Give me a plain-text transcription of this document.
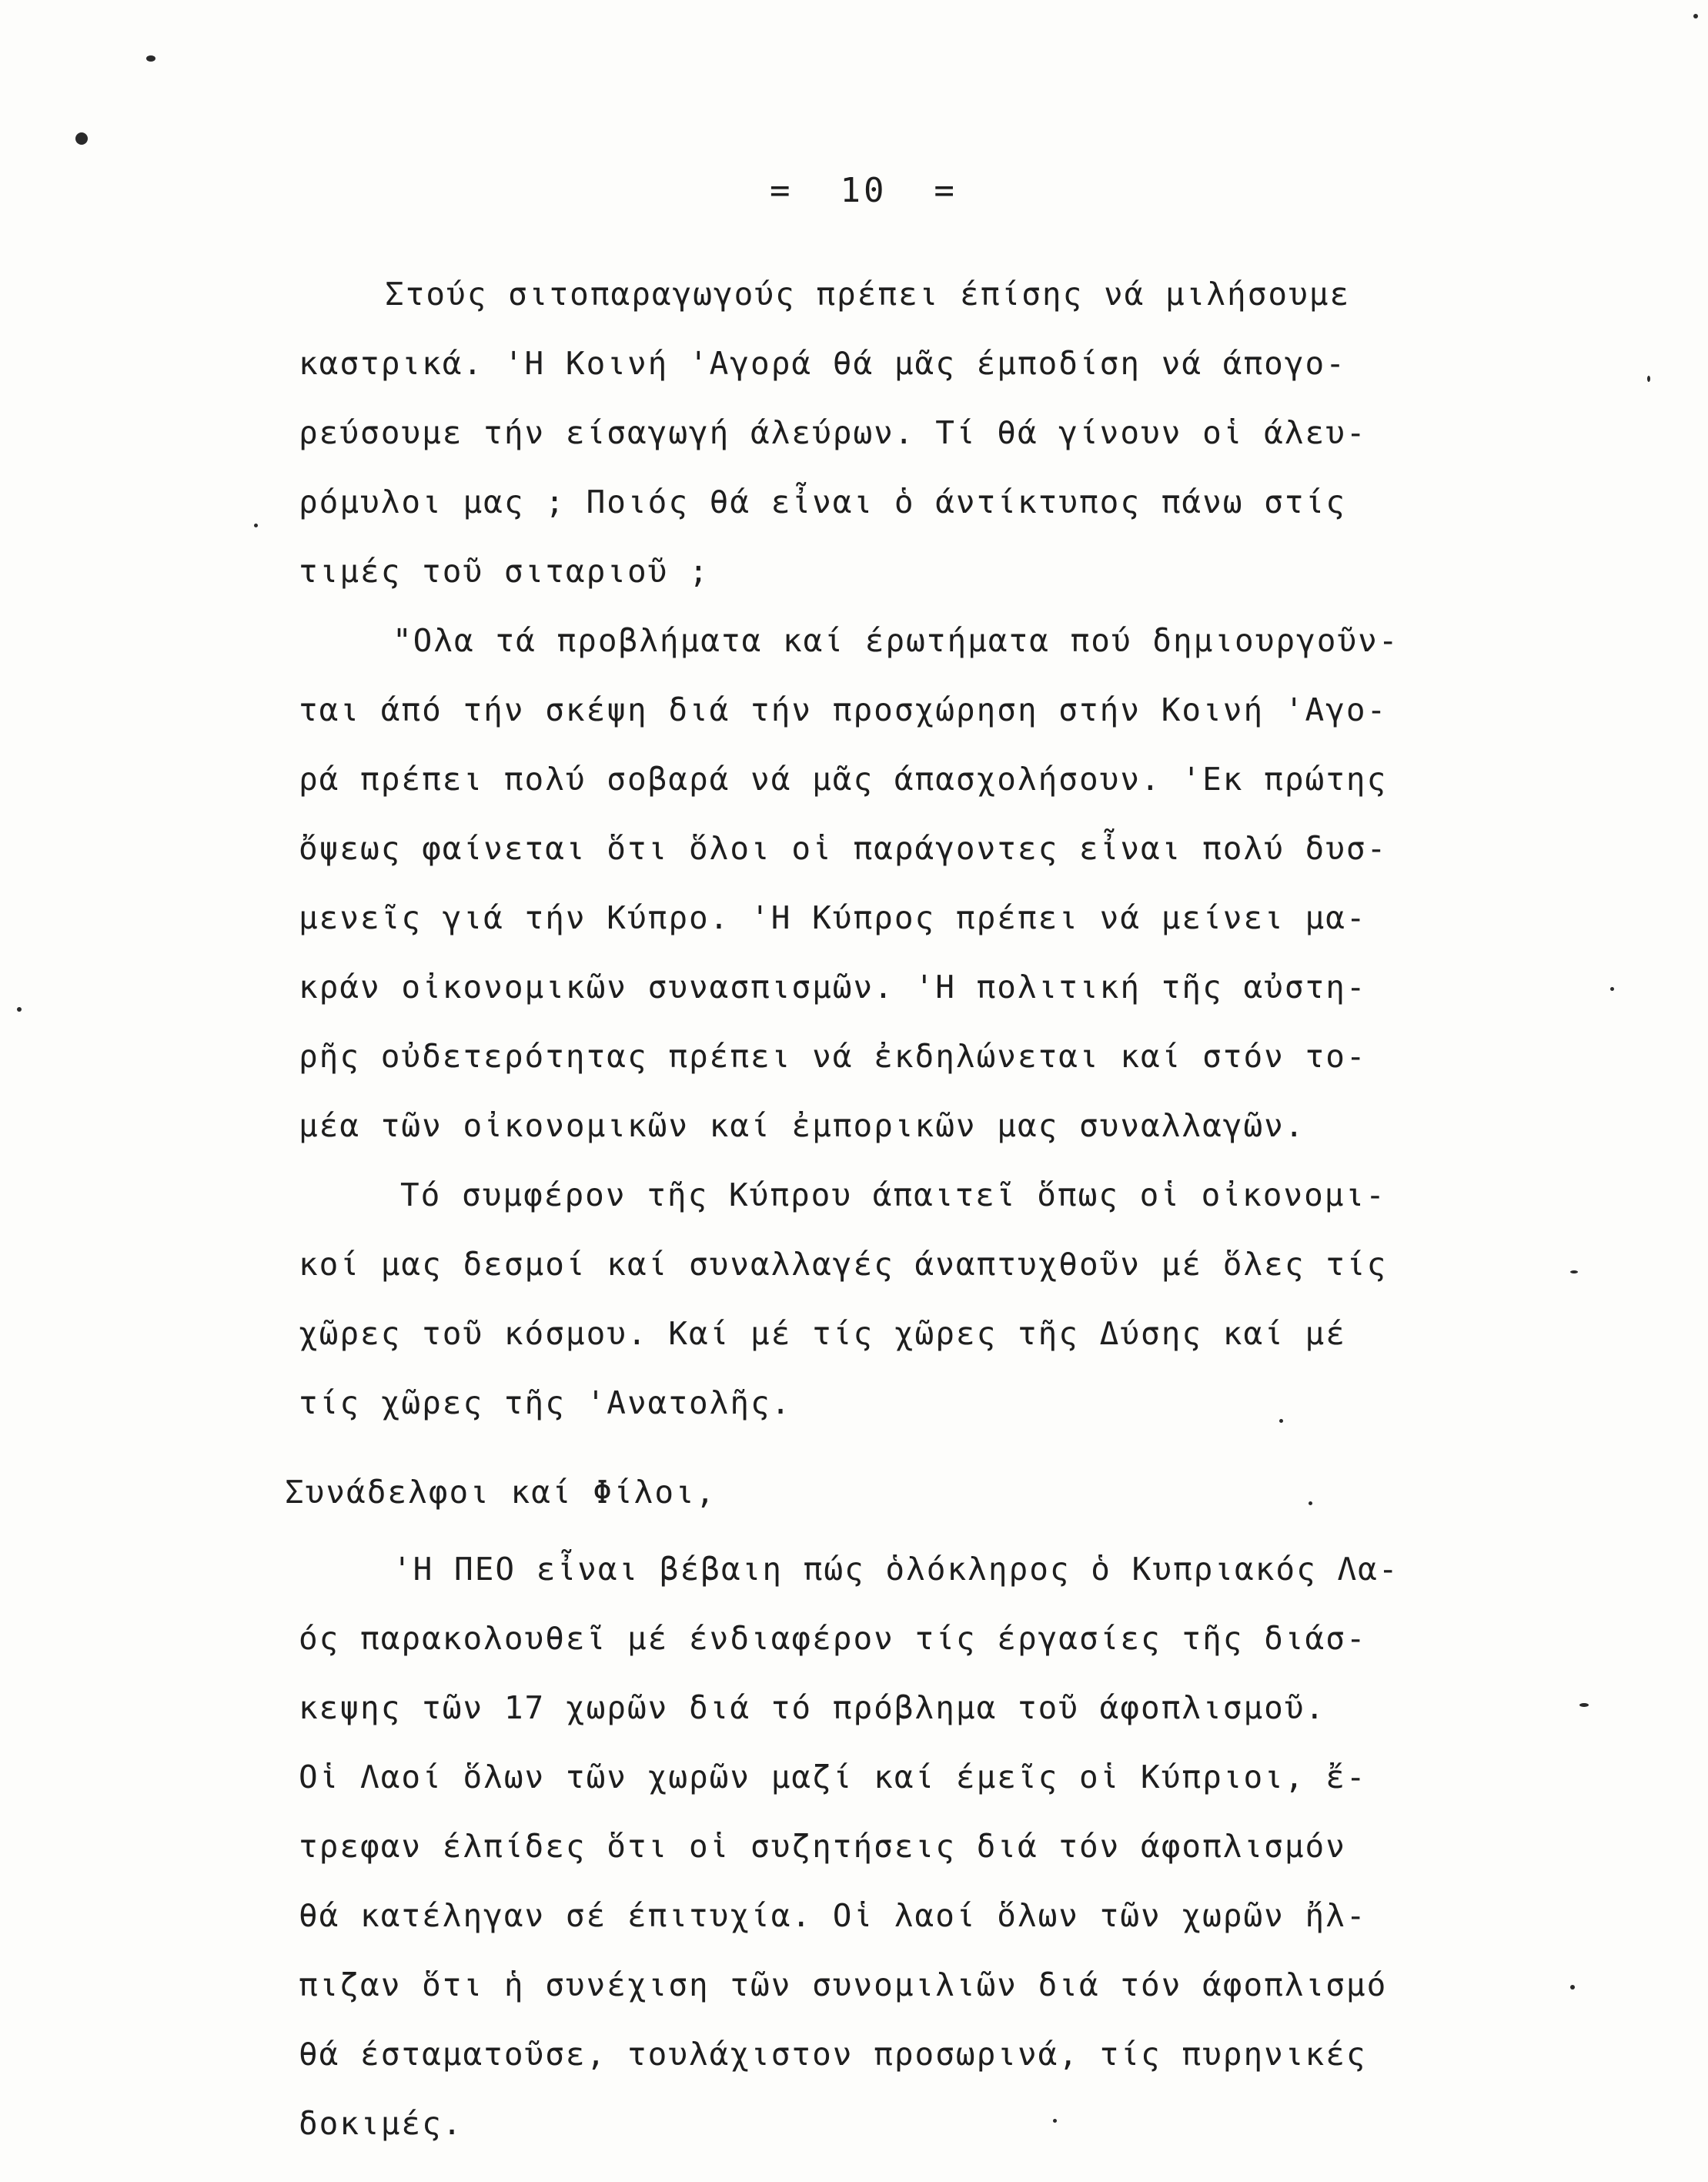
=  10  =
Στούς σιτοπαραγωγούς πρέπει έπίσης νά μιλήσουμε
καστρικά. 'Η Κοινή 'Αγορά θά μᾶς έμποδίση νά άπογο-
ρεύσουμε τήν είσαγωγή άλεύρων. Τί θά γίνουν οἱ άλευ-
ρόμυλοι μας ; Ποιός θά εἶναι ὁ άντίκτυπος πάνω στίς
τιμές τοῦ σιταριοῦ ;
"Ολα τά προβλήματα καί έρωτήματα πού δημιουργοῦν-
ται άπό τήν σκέψη διά τήν προσχώρηση στήν Κοινή 'Αγο-
ρά πρέπει πολύ σοβαρά νά μᾶς άπασχολήσουν. 'Εκ πρώτης
ὄψεως φαίνεται ὅτι ὅλοι οἱ παράγοντες εἶναι πολύ δυσ-
μενεῖς γιά τήν Κύπρο. 'Η Κύπρος πρέπει νά μείνει μα-
κράν οἰκονομικῶν συνασπισμῶν. 'Η πολιτική τῆς αὐστη-
ρῆς οὐδετερότητας πρέπει νά ἐκδηλώνεται καί στόν το-
μέα τῶν οἰκονομικῶν καί ἐμπορικῶν μας συναλλαγῶν.
Τό συμφέρον τῆς Κύπρου άπαιτεῖ ὅπως οἱ οἰκονομι-
κοί μας δεσμοί καί συναλλαγές άναπτυχθοῦν μέ ὅλες τίς
χῶρες τοῦ κόσμου. Καί μέ τίς χῶρες τῆς Δύσης καί μέ
τίς χῶρες τῆς 'Ανατολῆς.
Συνάδελφοι καί Φίλοι,
'Η ΠΕΟ εἶναι βέβαιη πώς ὁλόκληρος ὁ Κυπριακός Λα-
ός παρακολουθεῖ μέ ένδιαφέρον τίς έργασίες τῆς διάσ-
κεψης τῶν 17 χωρῶν διά τό πρόβλημα τοῦ άφοπλισμοῦ.
Οἱ Λαοί ὅλων τῶν χωρῶν μαζί καί έμεῖς οἱ Κύπριοι, ἔ-
τρεφαν έλπίδες ὅτι οἱ συζητήσεις διά τόν άφοπλισμόν
θά κατέληγαν σέ έπιτυχία. Οἱ λαοί ὅλων τῶν χωρῶν ἤλ-
πιζαν ὅτι ἡ συνέχιση τῶν συνομιλιῶν διά τόν άφοπλισμό
θά έσταματοῦσε, τουλάχιστον προσωρινά, τίς πυρηνικές
δοκιμές.
